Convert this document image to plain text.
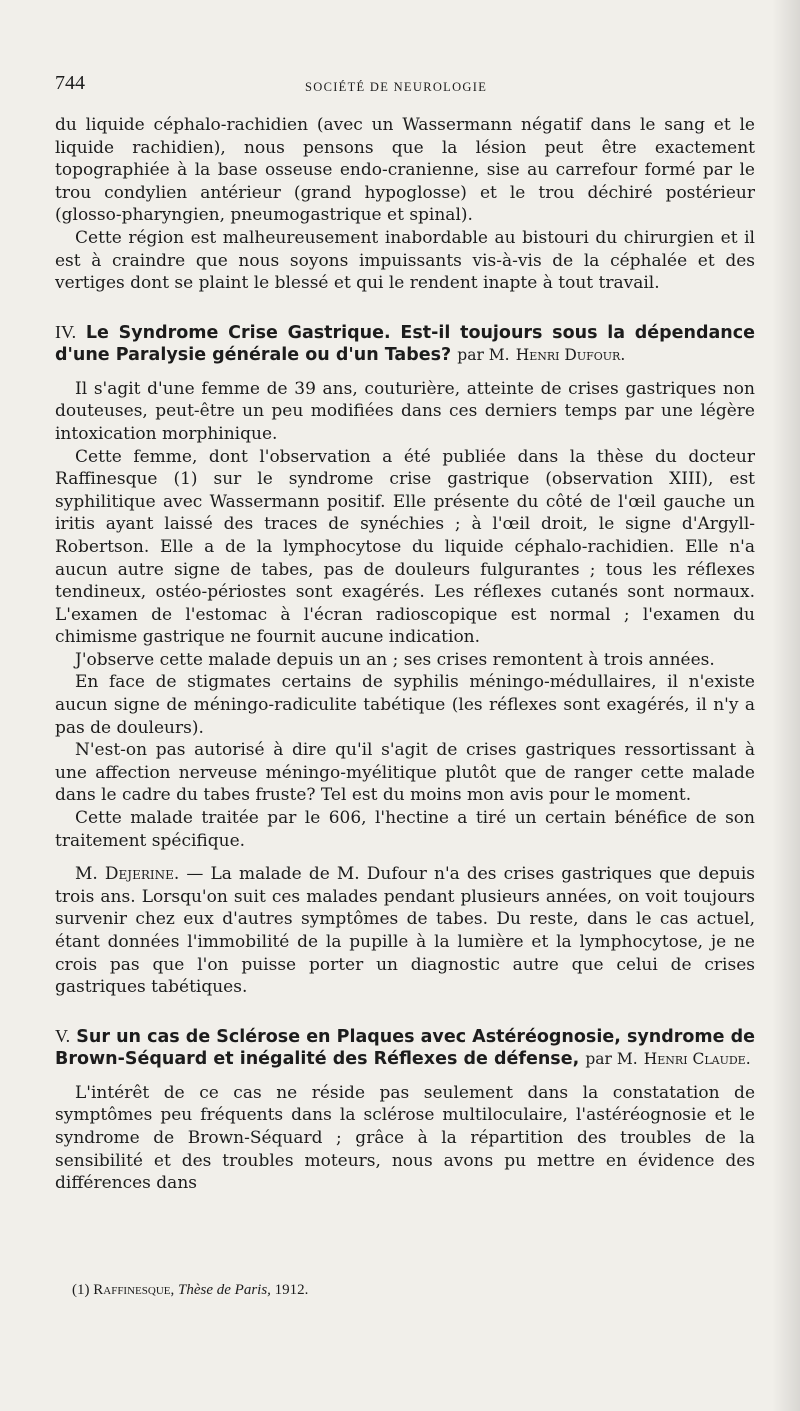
744	SOCIÉTÉ DE NEUROLOGIE

du liquide céphalo-rachidien (avec un Wassermann négatif dans le sang et le liquide rachidien), nous pensons que la lésion peut être exactement topographiée à la base osseuse endo-cranienne, sise au carrefour formé par le trou condylien antérieur (grand hypoglosse) et le trou déchiré postérieur (glosso-pharyngien, pneumogastrique et spinal).

Cette région est malheureusement inabordable au bistouri du chirurgien et il est à craindre que nous soyons impuissants vis-à-vis de la céphalée et des vertiges dont se plaint le blessé et qui le rendent inapte à tout travail.

IV. Le Syndrome Crise Gastrique. Est-il toujours sous la dépendance d'une Paralysie générale ou d'un Tabes? par M. Henri Dufour.

Il s'agit d'une femme de 39 ans, couturière, atteinte de crises gastriques non douteuses, peut-être un peu modifiées dans ces derniers temps par une légère intoxication morphinique.

Cette femme, dont l'observation a été publiée dans la thèse du docteur Raffinesque (1) sur le syndrome crise gastrique (observation XIII), est syphilitique avec Wassermann positif. Elle présente du côté de l'œil gauche un iritis ayant laissé des traces de synéchies ; à l'œil droit, le signe d'Argyll-Robertson. Elle a de la lymphocytose du liquide céphalo-rachidien. Elle n'a aucun autre signe de tabes, pas de douleurs fulgurantes ; tous les réflexes tendineux, ostéo-périostes sont exagérés. Les réflexes cutanés sont normaux. L'examen de l'estomac à l'écran radioscopique est normal ; l'examen du chimisme gastrique ne fournit aucune indication.

J'observe cette malade depuis un an ; ses crises remontent à trois années.

En face de stigmates certains de syphilis méningo-médullaires, il n'existe aucun signe de méningo-radiculite tabétique (les réflexes sont exagérés, il n'y a pas de douleurs).

N'est-on pas autorisé à dire qu'il s'agit de crises gastriques ressortissant à une affection nerveuse méningo-myélitique plutôt que de ranger cette malade dans le cadre du tabes fruste? Tel est du moins mon avis pour le moment.

Cette malade traitée par le 606, l'hectine a tiré un certain bénéfice de son traitement spécifique.

M. Dejerine. — La malade de M. Dufour n'a des crises gastriques que depuis trois ans. Lorsqu'on suit ces malades pendant plusieurs années, on voit toujours survenir chez eux d'autres symptômes de tabes. Du reste, dans le cas actuel, étant données l'immobilité de la pupille à la lumière et la lymphocytose, je ne crois pas que l'on puisse porter un diagnostic autre que celui de crises gastriques tabétiques.

V. Sur un cas de Sclérose en Plaques avec Astéréognosie, syndrome de Brown-Séquard et inégalité des Réflexes de défense, par M. Henri Claude.

L'intérêt de ce cas ne réside pas seulement dans la constatation de symptômes peu fréquents dans la sclérose multiloculaire, l'astéréognosie et le syndrome de Brown-Séquard ; grâce à la répartition des troubles de la sensibilité et des troubles moteurs, nous avons pu mettre en évidence des différences dans

(1) Raffinesque, Thèse de Paris, 1912.
